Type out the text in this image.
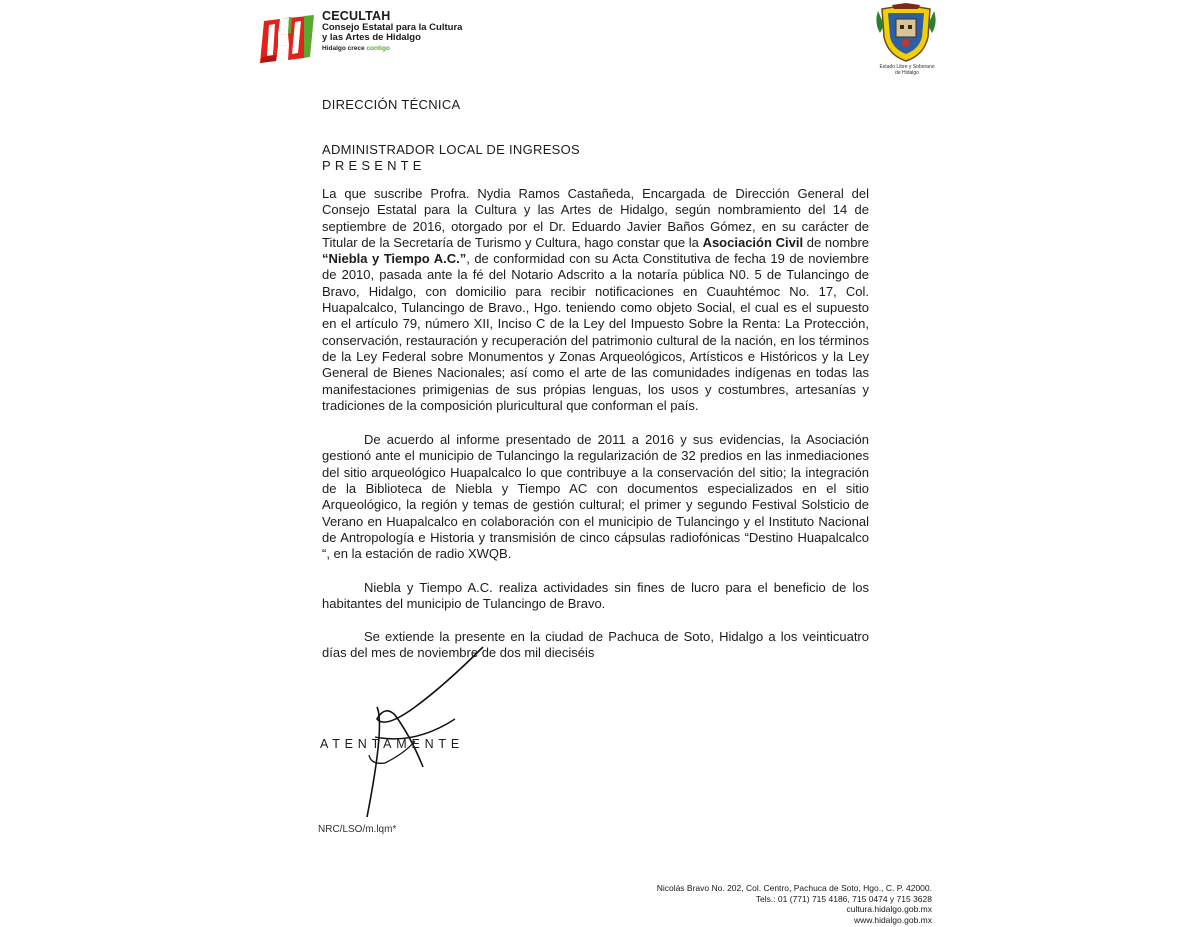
CECULTAH
Consejo Estatal para la Cultura
y las Artes de Hidalgo
Hidalgo crece contigo
Estado Libre y Soberano
de Hidalgo
DIRECCIÓN TÉCNICA
ADMINISTRADOR LOCAL DE INGRESOS
PRESENTE

La que suscribe Profra. Nydia Ramos Castañeda, Encargada de Dirección General del Consejo Estatal para la Cultura y las Artes de Hidalgo, según nombramiento del 14 de septiembre de 2016, otorgado por el Dr. Eduardo Javier Baños Gómez, en su carácter de Titular de la Secretaría de Turismo y Cultura, hago constar que la Asociación Civil de nombre “Niebla y Tiempo A.C.”, de conformidad con su Acta Constitutiva de fecha 19 de noviembre de 2010, pasada ante la fé del Notario Adscrito a la notaría pública N0. 5 de Tulancingo de Bravo, Hidalgo, con domicilio para recibir notificaciones en Cuauhtémoc No. 17, Col. Huapalcalco, Tulancingo de Bravo., Hgo. teniendo como objeto Social, el cual es el supuesto en el artículo 79, número XII, Inciso C de la Ley del Impuesto Sobre la Renta: La Protección, conservación, restauración y recuperación del patrimonio cultural de la nación, en los términos de la Ley Federal sobre Monumentos y Zonas Arqueológicos, Artísticos e Históricos y la Ley General de Bienes Nacionales; así como el arte de las comunidades indígenas en todas las manifestaciones primigenias de sus própias lenguas, los usos y costumbres, artesanías y tradiciones de la composición pluricultural que conforman el país.

De acuerdo al informe presentado de 2011 a 2016 y sus evidencias, la Asociación gestionó ante el municipio de Tulancingo la regularización de 32 predios en las inmediaciones del sitio arqueológico Huapalcalco lo que contribuye a la conservación del sitio; la integración de la Biblioteca de Niebla y Tiempo AC con documentos especializados en el sitio Arqueológico, la región y temas de gestión cultural; el primer y segundo Festival Solsticio de Verano en Huapalcalco en colaboración con el municipio de Tulancingo y el Instituto Nacional de Antropología e Historia y transmisión de cinco cápsulas radiofónicas “Destino Huapalcalco “, en la estación de radio XWQB.

Niebla y Tiempo A.C. realiza actividades sin fines de lucro para el beneficio de los habitantes del municipio de Tulancingo de Bravo.

Se extiende la presente en la ciudad de Pachuca de Soto, Hidalgo a los veinticuatro días del mes de noviembre de dos mil dieciséis

ATENTAMENTE
NRC/LSO/m.lqm*
Nicolás Bravo No. 202, Col. Centro, Pachuca de Soto, Hgo., C. P. 42000.
Tels.: 01 (771) 715 4186, 715 0474 y 715 3628
cultura.hidalgo.gob.mx
www.hidalgo.gob.mx
